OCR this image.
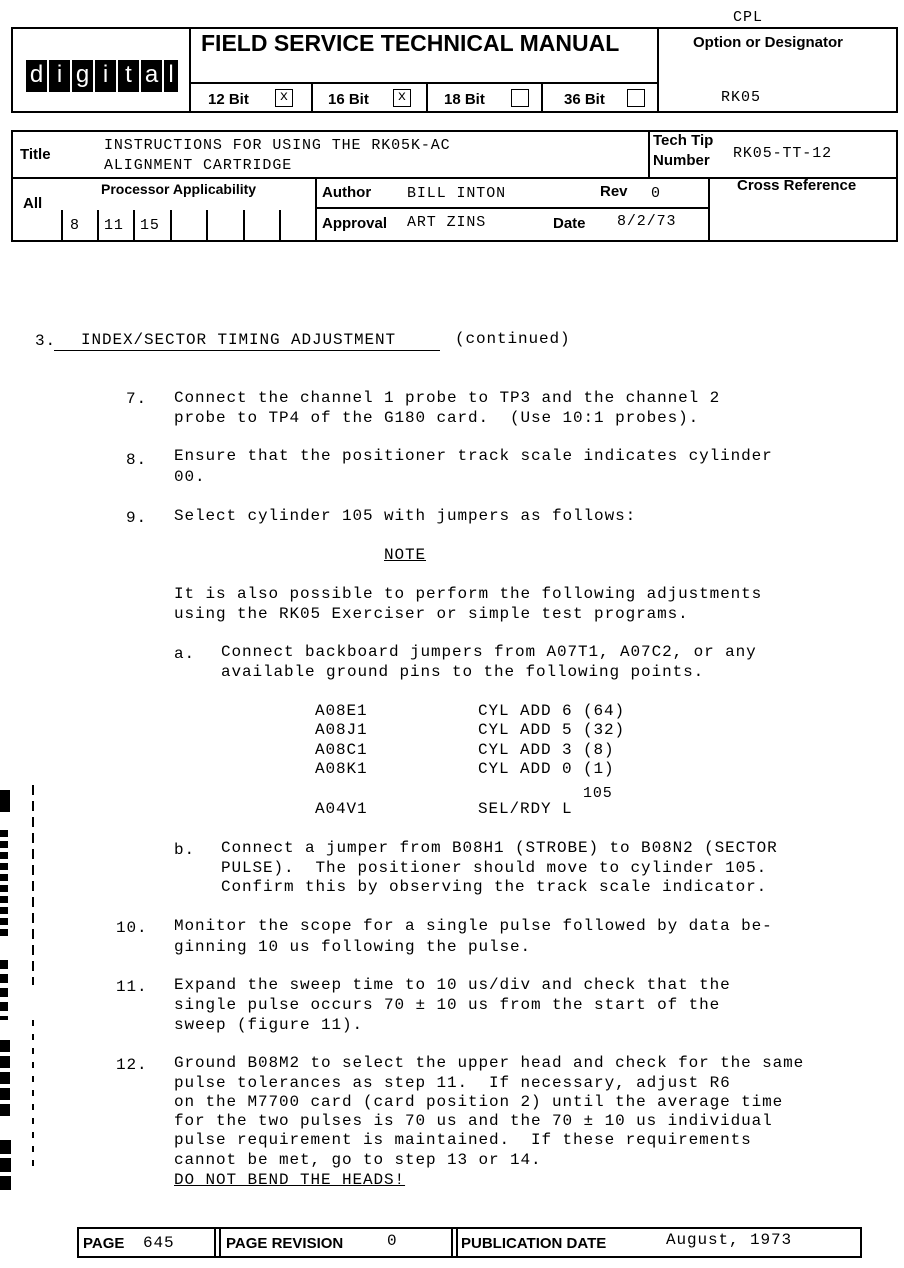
CPL
d i g i t a l
FIELD SERVICE TECHNICAL MANUAL	Option or Designator
RK05
12 Bit	x	16 Bit	x	18 Bit	36 Bit
Title
INSTRUCTIONS FOR USING THE RK05K-AC
ALIGNMENT CARTRIDGE
Tech Tip
Number RK05-TT-12
All
Processor Applicability
8 11 15
Author BILL INTON	Rev 0
Approval ART ZINS	Date 8/2/73
Cross Reference
3. INDEX/SECTOR TIMING ADJUSTMENT	(continued)
7. Connect the channel 1 probe to TP3 and the channel 2
probe to TP4 of the G180 card.  (Use 10:1 probes).
8. Ensure that the positioner track scale indicates cylinder
00.
9. Select cylinder 105 with jumpers as follows:
NOTE
It is also possible to perform the following adjustments
using the RK05 Exerciser or simple test programs.
a. Connect backboard jumpers from A07T1, A07C2, or any
available ground pins to the following points.
A08E1	CYL ADD 6 (64)
A08J1	CYL ADD 5 (32)
A08C1	CYL ADD 3 (8)
A08K1	CYL ADD 0 (1)
A04V1	SEL/RDY L
105
b. Connect a jumper from B08H1 (STROBE) to B08N2 (SECTOR
PULSE).  The positioner should move to cylinder 105.
Confirm this by observing the track scale indicator.
10. Monitor the scope for a single pulse followed by data be-
ginning 10 us following the pulse.
11. Expand the sweep time to 10 us/div and check that the
single pulse occurs 70 ± 10 us from the start of the
sweep (figure 11).
12. Ground B08M2 to select the upper head and check for the same
pulse tolerances as step 11.  If necessary, adjust R6
on the M7700 card (card position 2) until the average time
for the two pulses is 70 us and the 70 ± 10 us individual
pulse requirement is maintained.  If these requirements
cannot be met, go to step 13 or 14.
DO NOT BEND THE HEADS!
PAGE 645	PAGE REVISION	0	PUBLICATION DATE	August, 1973
